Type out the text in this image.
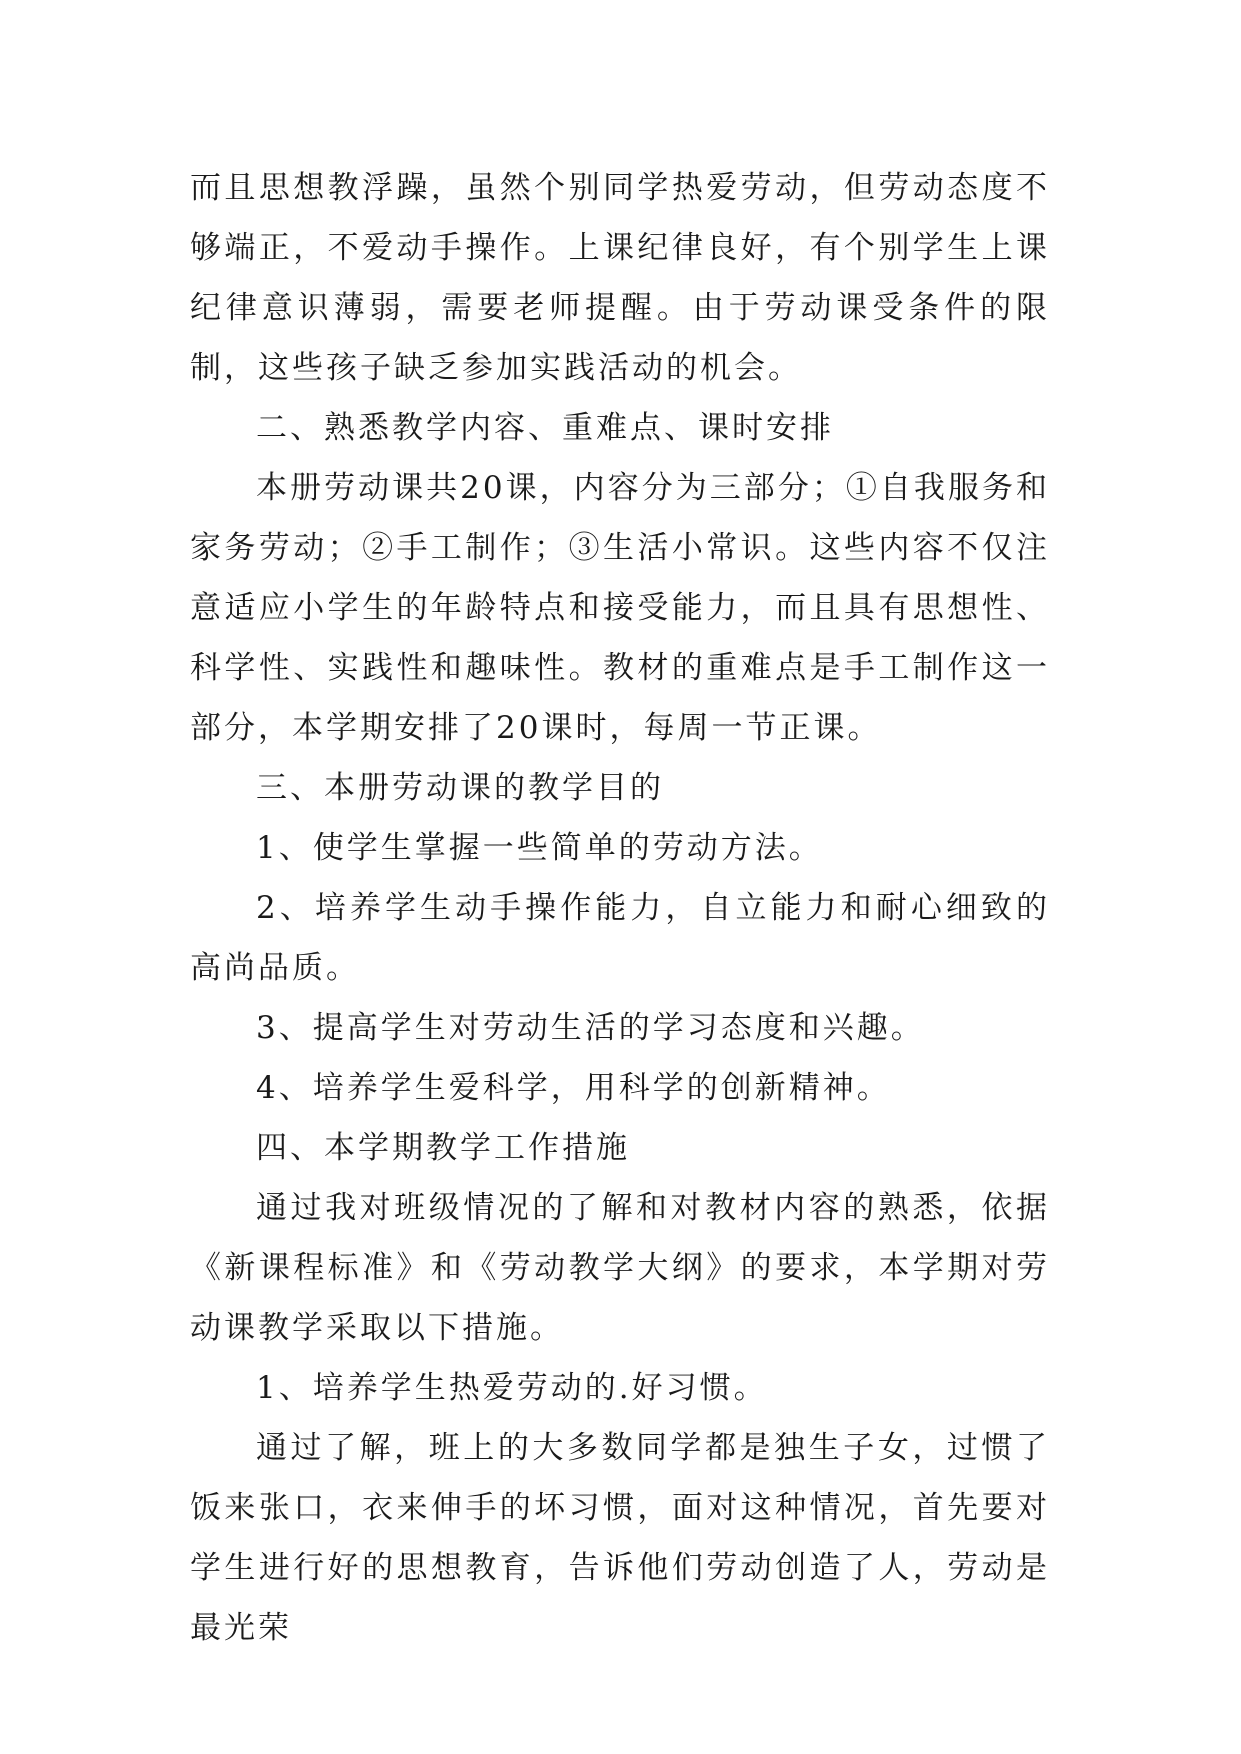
而且思想教浮躁，虽然个别同学热爱劳动，但劳动态度不够端正，不爱动手操作。上课纪律良好，有个别学生上课纪律意识薄弱，需要老师提醒。由于劳动课受条件的限制，这些孩子缺乏参加实践活动的机会。

二、熟悉教学内容、重难点、课时安排

本册劳动课共20课，内容分为三部分；①自我服务和家务劳动；②手工制作；③生活小常识。这些内容不仅注意适应小学生的年龄特点和接受能力，而且具有思想性、科学性、实践性和趣味性。教材的重难点是手工制作这一部分，本学期安排了20课时，每周一节正课。

三、本册劳动课的教学目的

1、使学生掌握一些简单的劳动方法。

2、培养学生动手操作能力，自立能力和耐心细致的高尚品质。

3、提高学生对劳动生活的学习态度和兴趣。

4、培养学生爱科学，用科学的创新精神。

四、本学期教学工作措施

通过我对班级情况的了解和对教材内容的熟悉，依据《新课程标准》和《劳动教学大纲》的要求，本学期对劳动课教学采取以下措施。

1、培养学生热爱劳动的.好习惯。

通过了解，班上的大多数同学都是独生子女，过惯了饭来张口，衣来伸手的坏习惯，面对这种情况，首先要对学生进行好的思想教育，告诉他们劳动创造了人，劳动是最光荣
